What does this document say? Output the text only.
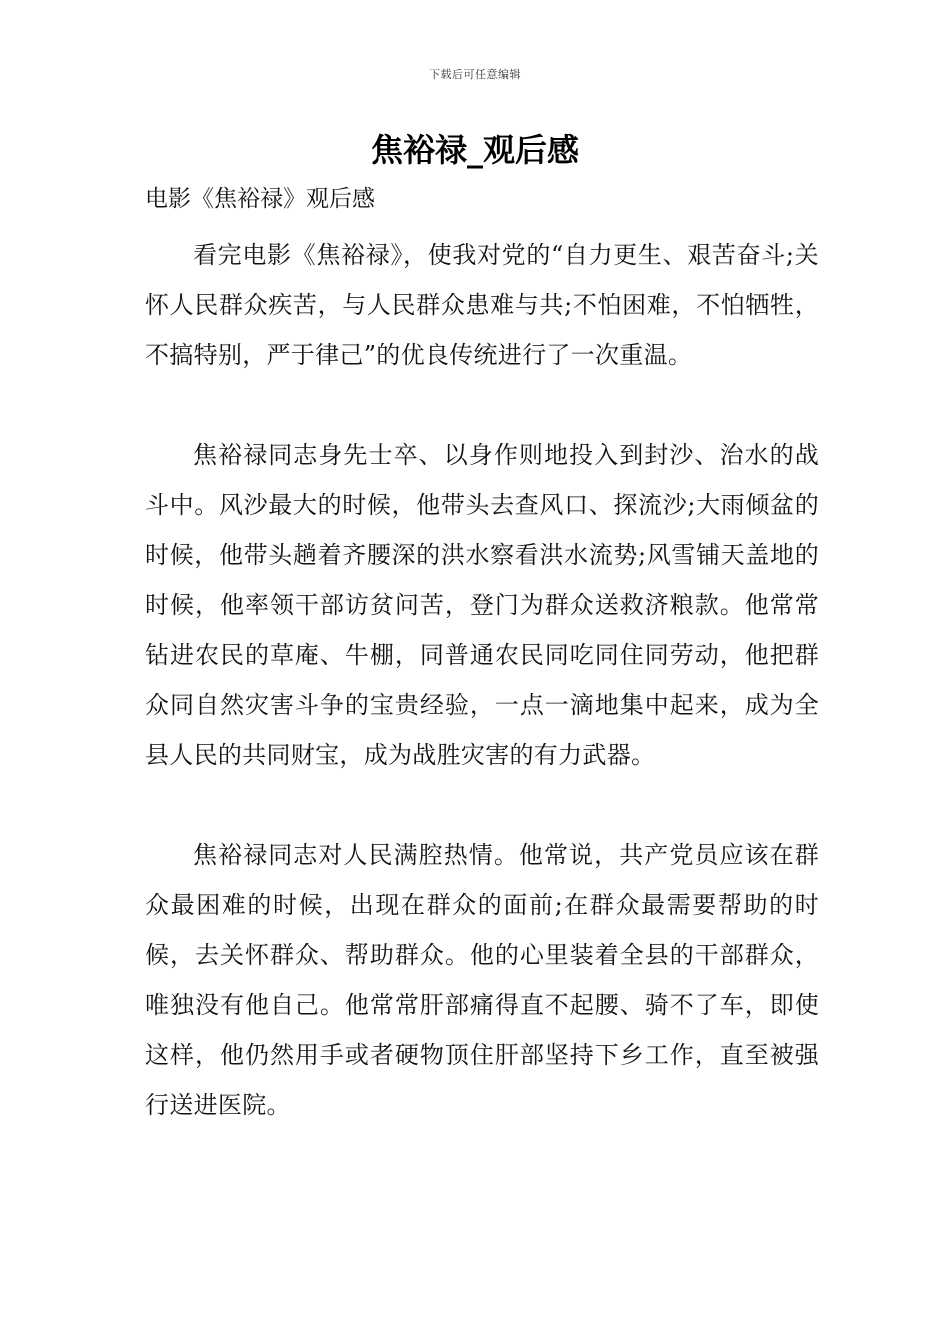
下载后可任意编辑
焦裕禄_观后感
电影《焦裕禄》观后感

看完电影《焦裕禄》，使我对党的“自力更生、艰苦奋斗;关怀人民群众疾苦，与人民群众患难与共;不怕困难，不怕牺牲，不搞特别，严于律己”的优良传统进行了一次重温。

焦裕禄同志身先士卒、以身作则地投入到封沙、治水的战斗中。风沙最大的时候，他带头去查风口、探流沙;大雨倾盆的时候，他带头趟着齐腰深的洪水察看洪水流势;风雪铺天盖地的时候，他率领干部访贫问苦，登门为群众送救济粮款。他常常钻进农民的草庵、牛棚，同普通农民同吃同住同劳动，他把群众同自然灾害斗争的宝贵经验，一点一滴地集中起来，成为全县人民的共同财宝，成为战胜灾害的有力武器。

焦裕禄同志对人民满腔热情。他常说，共产党员应该在群众最困难的时候，出现在群众的面前;在群众最需要帮助的时候，去关怀群众、帮助群众。他的心里装着全县的干部群众，唯独没有他自己。他常常肝部痛得直不起腰、骑不了车，即使这样，他仍然用手或者硬物顶住肝部坚持下乡工作，直至被强行送进医院。
